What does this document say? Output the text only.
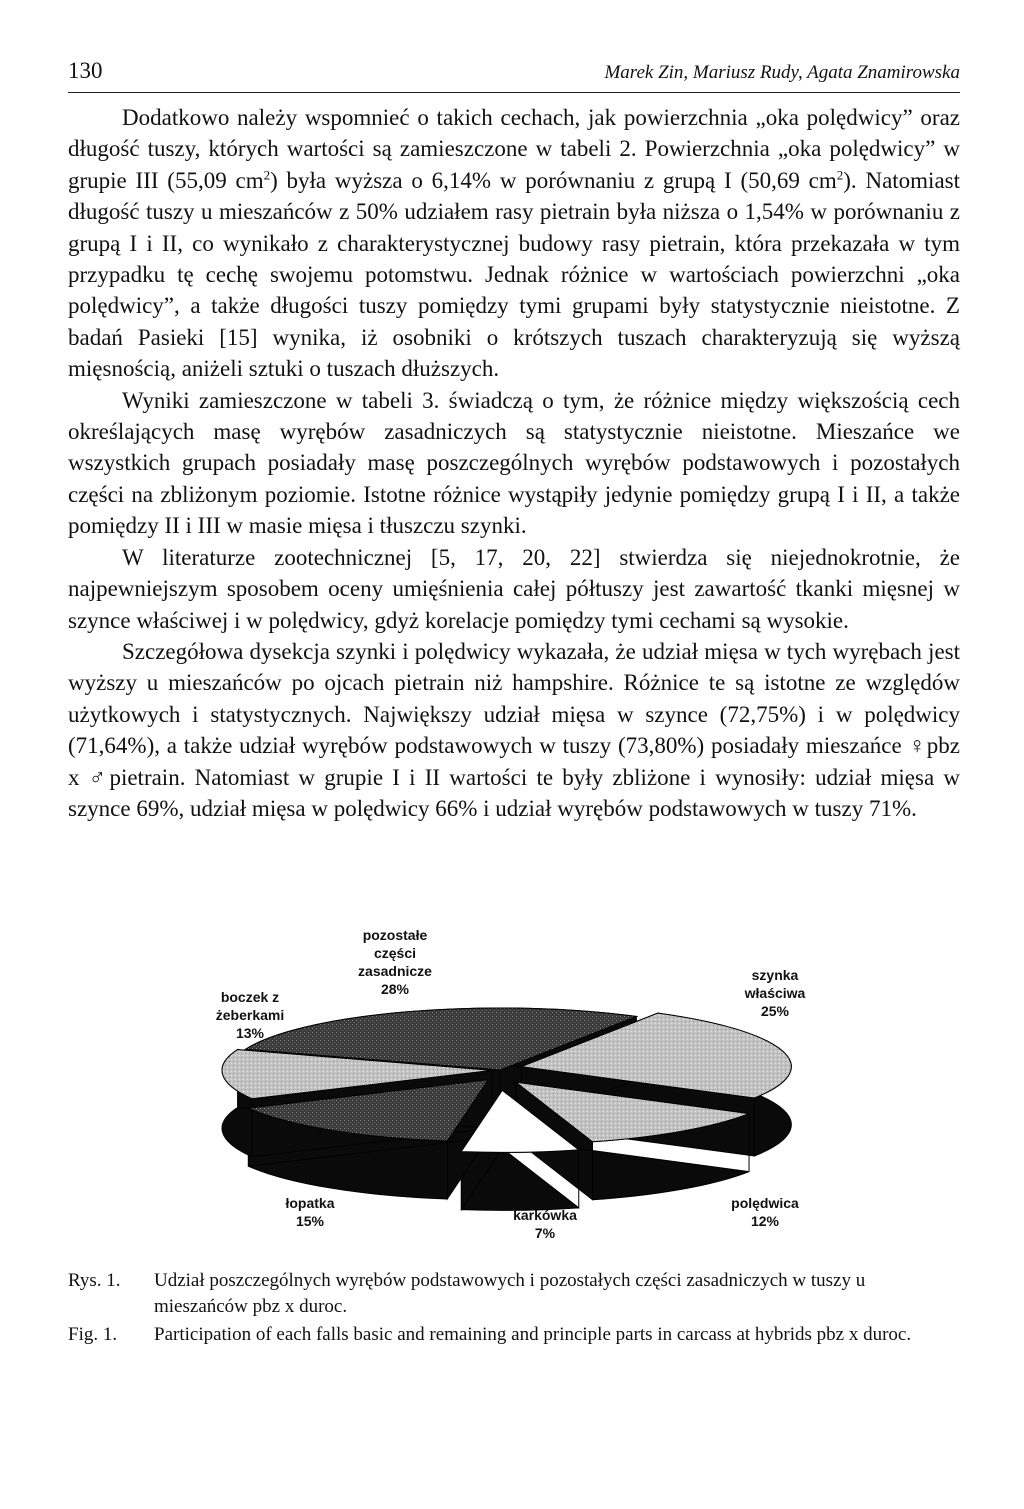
130	Marek Zin, Mariusz Rudy, Agata Znamirowska

Dodatkowo należy wspomnieć o takich cechach, jak powierzchnia „oka polędwicy” oraz długość tuszy, których wartości są zamieszczone w tabeli 2. Powierzchnia „oka polędwicy” w grupie III (55,09 $cm^2$) była wyższa o 6,14% w porównaniu z grupą I (50,69 $cm^2$). Natomiast długość tuszy u mieszańców z 50% udziałem rasy pietrain była niższa o 1,54% w porównaniu z grupą I i II, co wynikało z charakterystycznej budowy rasy pietrain, która przekazała w tym przypadku tę cechę swojemu potomstwu. Jednak różnice w wartościach powierzchni „oka polędwicy”, a także długości tuszy pomiędzy tymi grupami były statystycznie nieistotne. Z badań Pasieki [15] wynika, iż osobniki o krótszych tuszach charakteryzują się wyższą mięsnością, aniżeli sztuki o tuszach dłuższych.

Wyniki zamieszczone w tabeli 3. świadczą o tym, że różnice między większością cech określających masę wyrębów zasadniczych są statystycznie nieistotne. Mieszańce we wszystkich grupach posiadały masę poszczególnych wyrębów podstawowych i pozostałych części na zbliżonym poziomie. Istotne różnice wystąpiły jedynie pomiędzy grupą I i II, a także pomiędzy II i III w masie mięsa i tłuszczu szynki.

W literaturze zootechnicznej [5, 17, 20, 22] stwierdza się niejednokrotnie, że najpewniejszym sposobem oceny umięśnienia całej półtuszy jest zawartość tkanki mięsnej w szynce właściwej i w polędwicy, gdyż korelacje pomiędzy tymi cechami są wysokie.

Szczegółowa dysekcja szynki i polędwicy wykazała, że udział mięsa w tych wyrębach jest wyższy u mieszańców po ojcach pietrain niż hampshire. Różnice te są istotne ze względów użytkowych i statystycznych. Największy udział mięsa w szynce (72,75%) i w polędwicy (71,64%), a także udział wyrębów podstawowych w tuszy (73,80%) posiadały mieszańce ♀pbz x ♂pietrain. Natomiast w grupie I i II wartości te były zbliżone i wynosiły: udział mięsa w szynce 69%, udział mięsa w polędwicy 66% i udział wyrębów podstawowych w tuszy 71%.

pozostałe części zasadnicze 28%
szynka właściwa 25%
polędwica 12%
karkówka 7%
łopatka 15%
boczek z żeberkami 13%
Rys. 1. Udział poszczególnych wyrębów podstawowych i pozostałych części zasadniczych w tuszy u mieszańców pbz x duroc.
Fig. 1. Participation of each falls basic and remaining and principle parts in carcass at hybrids pbz x duroc.
